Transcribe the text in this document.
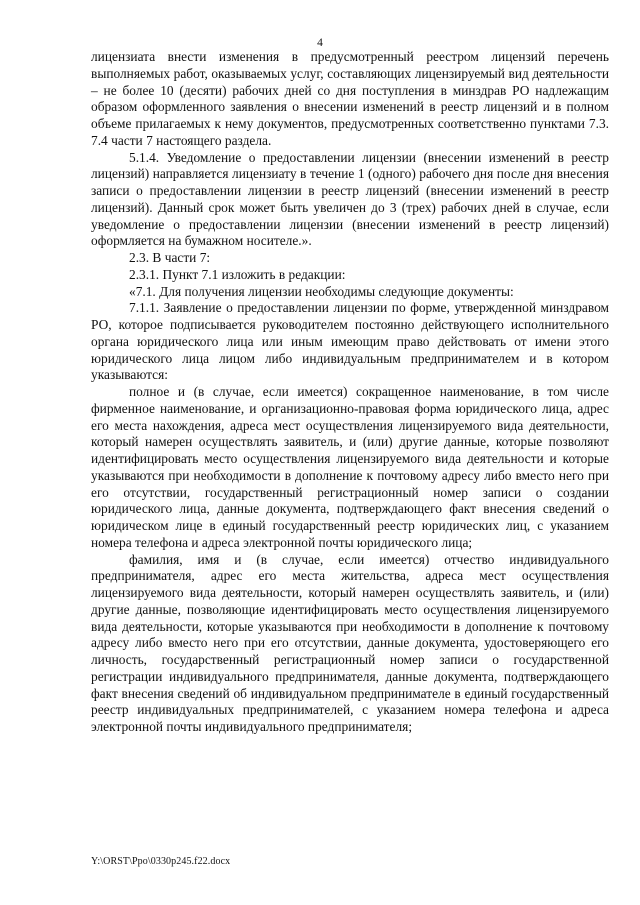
4

лицензиата внести изменения в предусмотренный реестром лицензий перечень выполняемых работ, оказываемых услуг, составляющих лицензируемый вид деятельности – не более 10 (десяти) рабочих дней со дня поступления в минздрав РО надлежащим образом оформленного заявления о внесении изменений в реестр лицензий и в полном объеме прилагаемых к нему документов, предусмотренных соответственно пунктами 7.3. 7.4 части 7 настоящего раздела.

5.1.4. Уведомление о предоставлении лицензии (внесении изменений в реестр лицензий) направляется лицензиату в течение 1 (одного) рабочего дня после дня внесения записи о предоставлении лицензии в реестр лицензий (внесении изменений в реестр лицензий). Данный срок может быть увеличен до 3 (трех) рабочих дней в случае, если уведомление о предоставлении лицензии (внесении изменений в реестр лицензий) оформляется на бумажном носителе.».

2.3. В части 7:

2.3.1. Пункт 7.1 изложить в редакции:

«7.1. Для получения лицензии необходимы следующие документы:

7.1.1. Заявление о предоставлении лицензии по форме, утвержденной минздравом РО, которое подписывается руководителем постоянно действующего исполнительного органа юридического лица или иным имеющим право действовать от имени этого юридического лица лицом либо индивидуальным предпринимателем и в котором указываются:

полное и (в случае, если имеется) сокращенное наименование, в том числе фирменное наименование, и организационно-правовая форма юридического лица, адрес его места нахождения, адреса мест осуществления лицензируемого вида деятельности, который намерен осуществлять заявитель, и (или) другие данные, которые позволяют идентифицировать место осуществления лицензируемого вида деятельности и которые указываются при необходимости в дополнение к почтовому адресу либо вместо него при его отсутствии, государственный регистрационный номер записи о создании юридического лица, данные документа, подтверждающего факт внесения сведений о юридическом лице в единый государственный реестр юридических лиц, с указанием номера телефона и адреса электронной почты юридического лица;

фамилия, имя и (в случае, если имеется) отчество индивидуального предпринимателя, адрес его места жительства, адреса мест осуществления лицензируемого вида деятельности, который намерен осуществлять заявитель, и (или) другие данные, позволяющие идентифицировать место осуществления лицензируемого вида деятельности, которые указываются при необходимости в дополнение к почтовому адресу либо вместо него при его отсутствии, данные документа, удостоверяющего его личность, государственный регистрационный номер записи о государственной регистрации индивидуального предпринимателя, данные документа, подтверждающего факт внесения сведений об индивидуальном предпринимателе в единый государственный реестр индивидуальных предпринимателей, с указанием номера телефона и адреса электронной почты индивидуального предпринимателя;

Y:\ORST\Ppo\0330p245.f22.docx
